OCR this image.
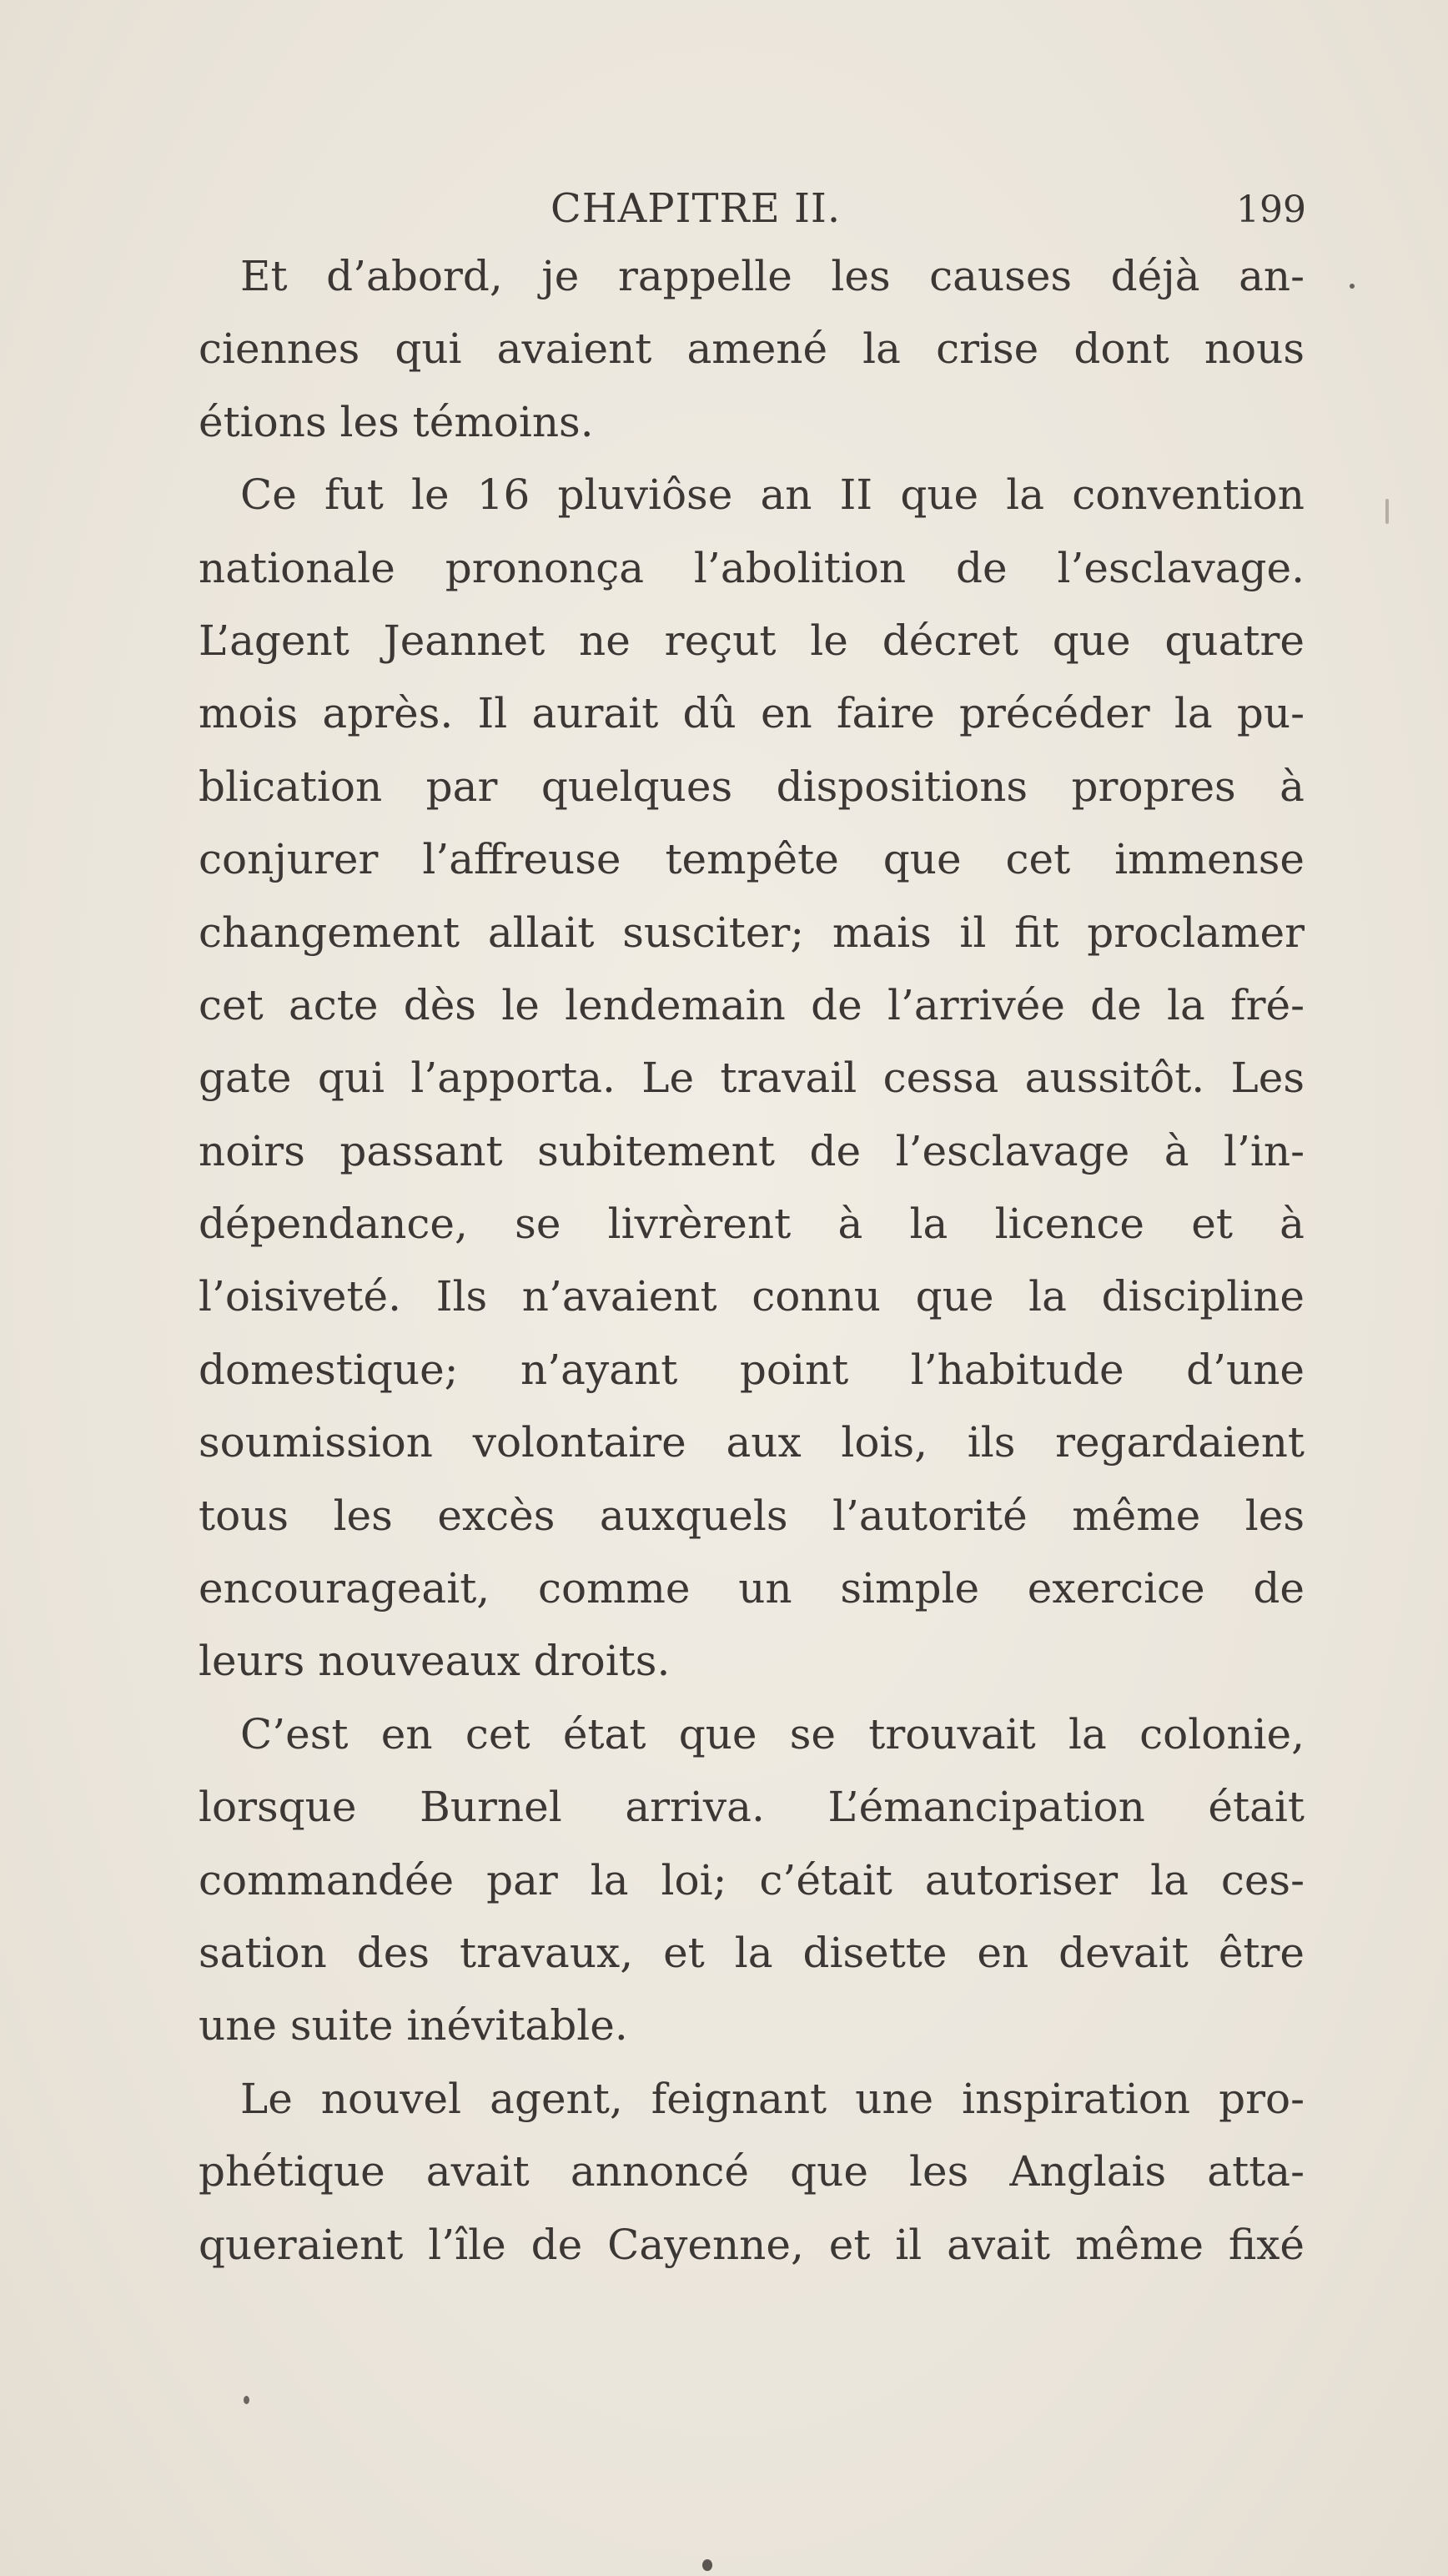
CHAPITRE II.	199
Et d’abord, je rappelle les causes déjà an-
ciennes qui avaient amené la crise dont nous
étions les témoins.
Ce fut le 16 pluviôse an II que la convention
nationale prononça l’abolition de l’esclavage.
L’agent Jeannet ne reçut le décret que quatre
mois après. Il aurait dû en faire précéder la pu-
blication par quelques dispositions propres à
conjurer l’affreuse tempête que cet immense
changement allait susciter; mais il fit proclamer
cet acte dès le lendemain de l’arrivée de la fré-
gate qui l’apporta. Le travail cessa aussitôt. Les
noirs passant subitement de l’esclavage à l’in-
dépendance, se livrèrent à la licence et à
l’oisiveté. Ils n’avaient connu que la discipline
domestique; n’ayant point l’habitude d’une
soumission volontaire aux lois, ils regardaient
tous les excès auxquels l’autorité même les
encourageait, comme un simple exercice de
leurs nouveaux droits.
C’est en cet état que se trouvait la colonie,
lorsque Burnel arriva. L’émancipation était
commandée par la loi; c’était autoriser la ces-
sation des travaux, et la disette en devait être
une suite inévitable.
Le nouvel agent, feignant une inspiration pro-
phétique avait annoncé que les Anglais atta-
queraient l’île de Cayenne, et il avait même fixé
